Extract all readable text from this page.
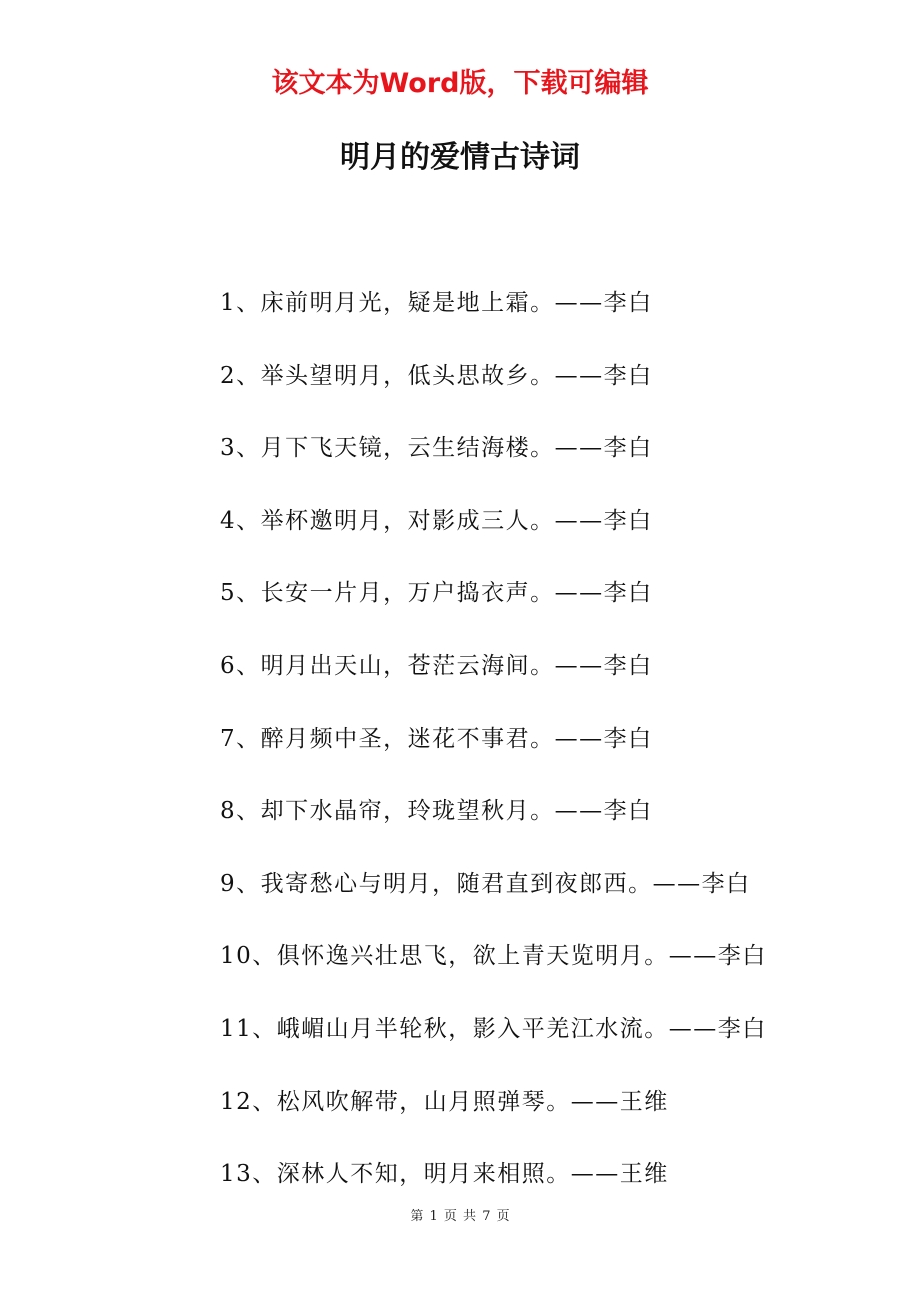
该文本为Word版，下载可编辑
明月的爱情古诗词
1、床前明月光，疑是地上霜。——李白
2、举头望明月，低头思故乡。——李白
3、月下飞天镜，云生结海楼。——李白
4、举杯邀明月，对影成三人。——李白
5、长安一片月，万户捣衣声。——李白
6、明月出天山，苍茫云海间。——李白
7、醉月频中圣，迷花不事君。——李白
8、却下水晶帘，玲珑望秋月。——李白
9、我寄愁心与明月，随君直到夜郎西。——李白
10、俱怀逸兴壮思飞，欲上青天览明月。——李白
11、峨嵋山月半轮秋，影入平羌江水流。——李白
12、松风吹解带，山月照弹琴。——王维
13、深林人不知，明月来相照。——王维
第 1 页 共 7 页
